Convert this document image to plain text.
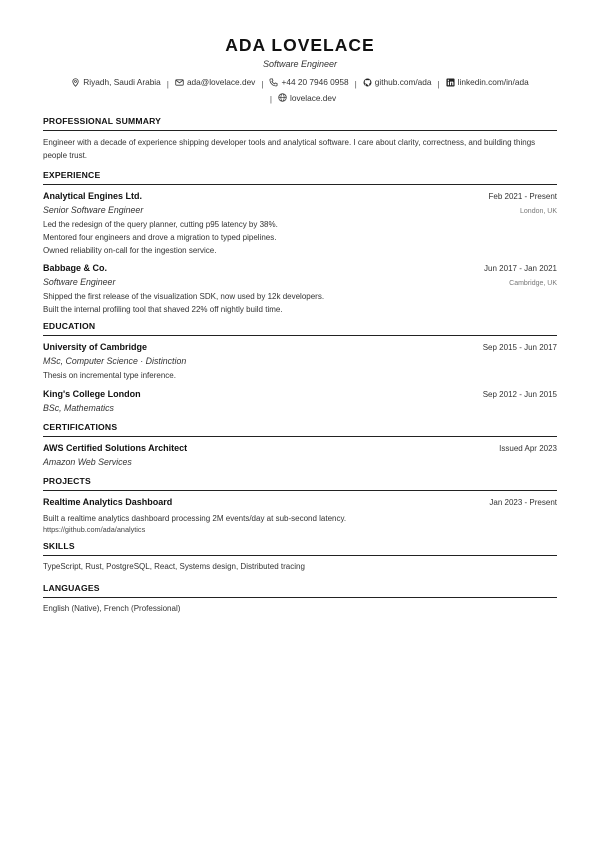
ADA LOVELACE
Software Engineer
Riyadh, Saudi Arabia | ada@lovelace.dev | +44 20 7946 0958 | github.com/ada | linkedin.com/in/ada

| lovelace.dev
PROFESSIONAL SUMMARY

Engineer with a decade of experience shipping developer tools and analytical software. I care about clarity, correctness, and building things people trust.

EXPERIENCE
Analytical Engines Ltd.	Feb 2021 - Present
Senior Software Engineer	London, UK
Led the redesign of the query planner, cutting p95 latency by 38%.
Mentored four engineers and drove a migration to typed pipelines.
Owned reliability on-call for the ingestion service.
Babbage & Co.	Jun 2017 - Jan 2021
Software Engineer	Cambridge, UK
Shipped the first release of the visualization SDK, now used by 12k developers.
Built the internal profiling tool that shaved 22% off nightly build time.
EDUCATION
University of Cambridge	Sep 2015 - Jun 2017
MSc, Computer Science · Distinction
Thesis on incremental type inference.
King's College London	Sep 2012 - Jun 2015
BSc, Mathematics
CERTIFICATIONS
AWS Certified Solutions Architect	Issued Apr 2023
Amazon Web Services
PROJECTS
Realtime Analytics Dashboard	Jan 2023 - Present
Built a realtime analytics dashboard processing 2M events/day at sub-second latency.
https://github.com/ada/analytics
SKILLS
TypeScript, Rust, PostgreSQL, React, Systems design, Distributed tracing
LANGUAGES
English (Native), French (Professional)
